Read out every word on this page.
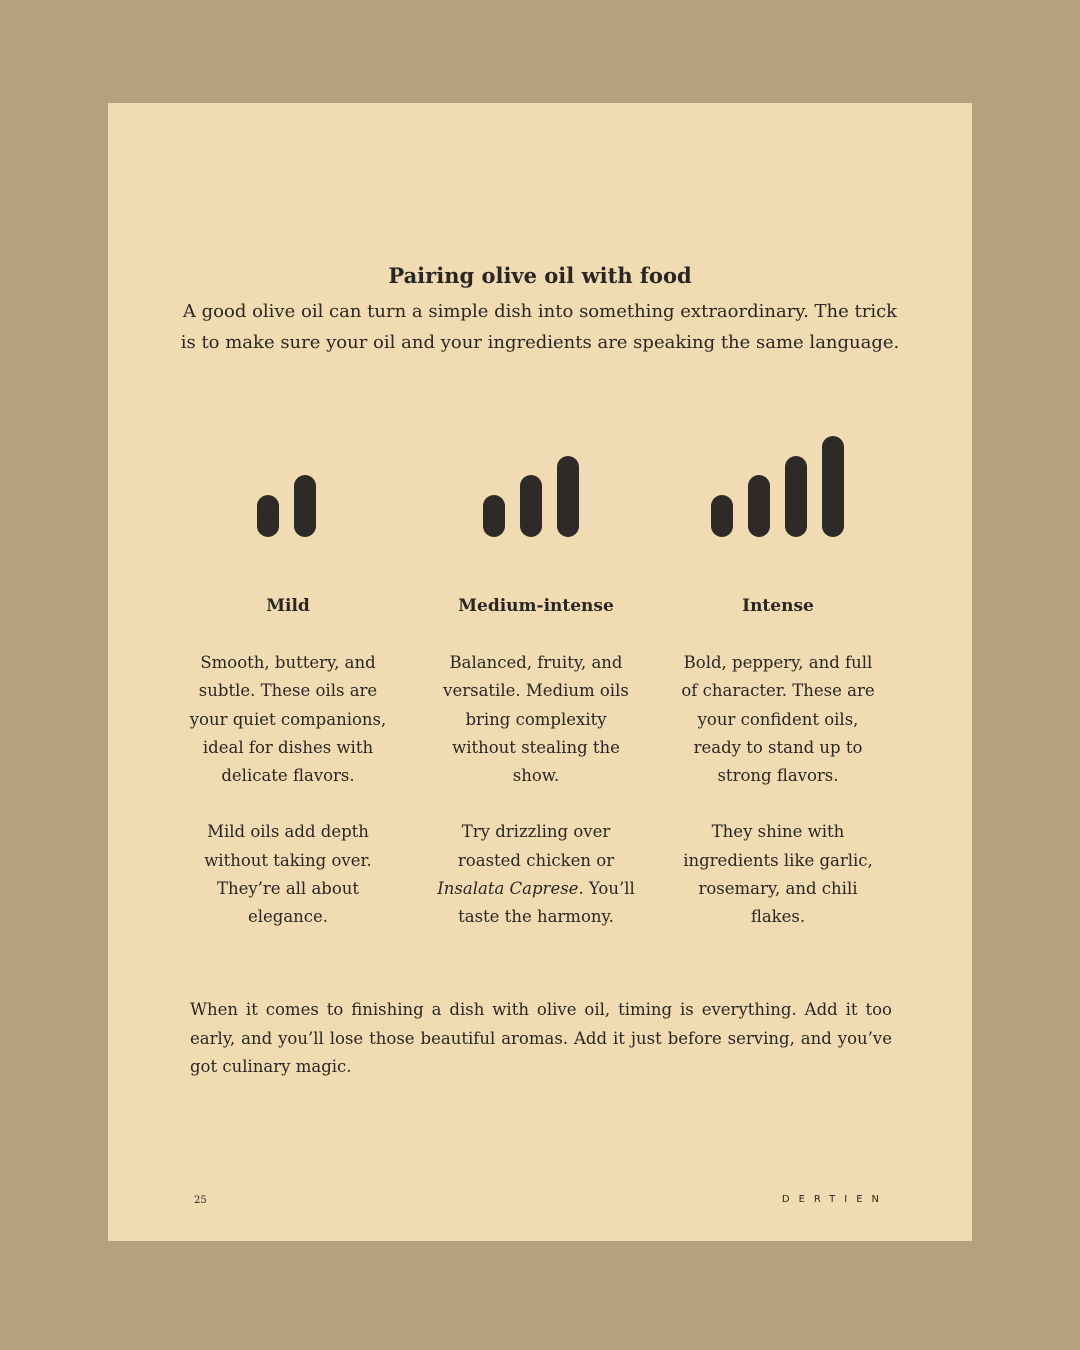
Pairing olive oil with food

A good olive oil can turn a simple dish into something extraordinary. The trick is to make sure your oil and your ingredients are speaking the same language.

Mild

Smooth, buttery, and subtle. These oils are your quiet companions, ideal for dishes with delicate flavors.

Mild oils add depth without taking over. They’re all about elegance.

Medium-intense

Balanced, fruity, and versatile. Medium oils bring complexity without stealing the show.

Try drizzling over roasted chicken or Insalata Caprese. You’ll taste the harmony.

Intense

Bold, peppery, and full of character. These are your confident oils, ready to stand up to strong flavors.

They shine with ingredients like garlic, rosemary, and chili flakes.

When it comes to finishing a dish with olive oil, timing is everything. Add it too early, and you’ll lose those beautiful aromas. Add it just before serving, and you’ve got culinary magic.

25	DERTIEN
